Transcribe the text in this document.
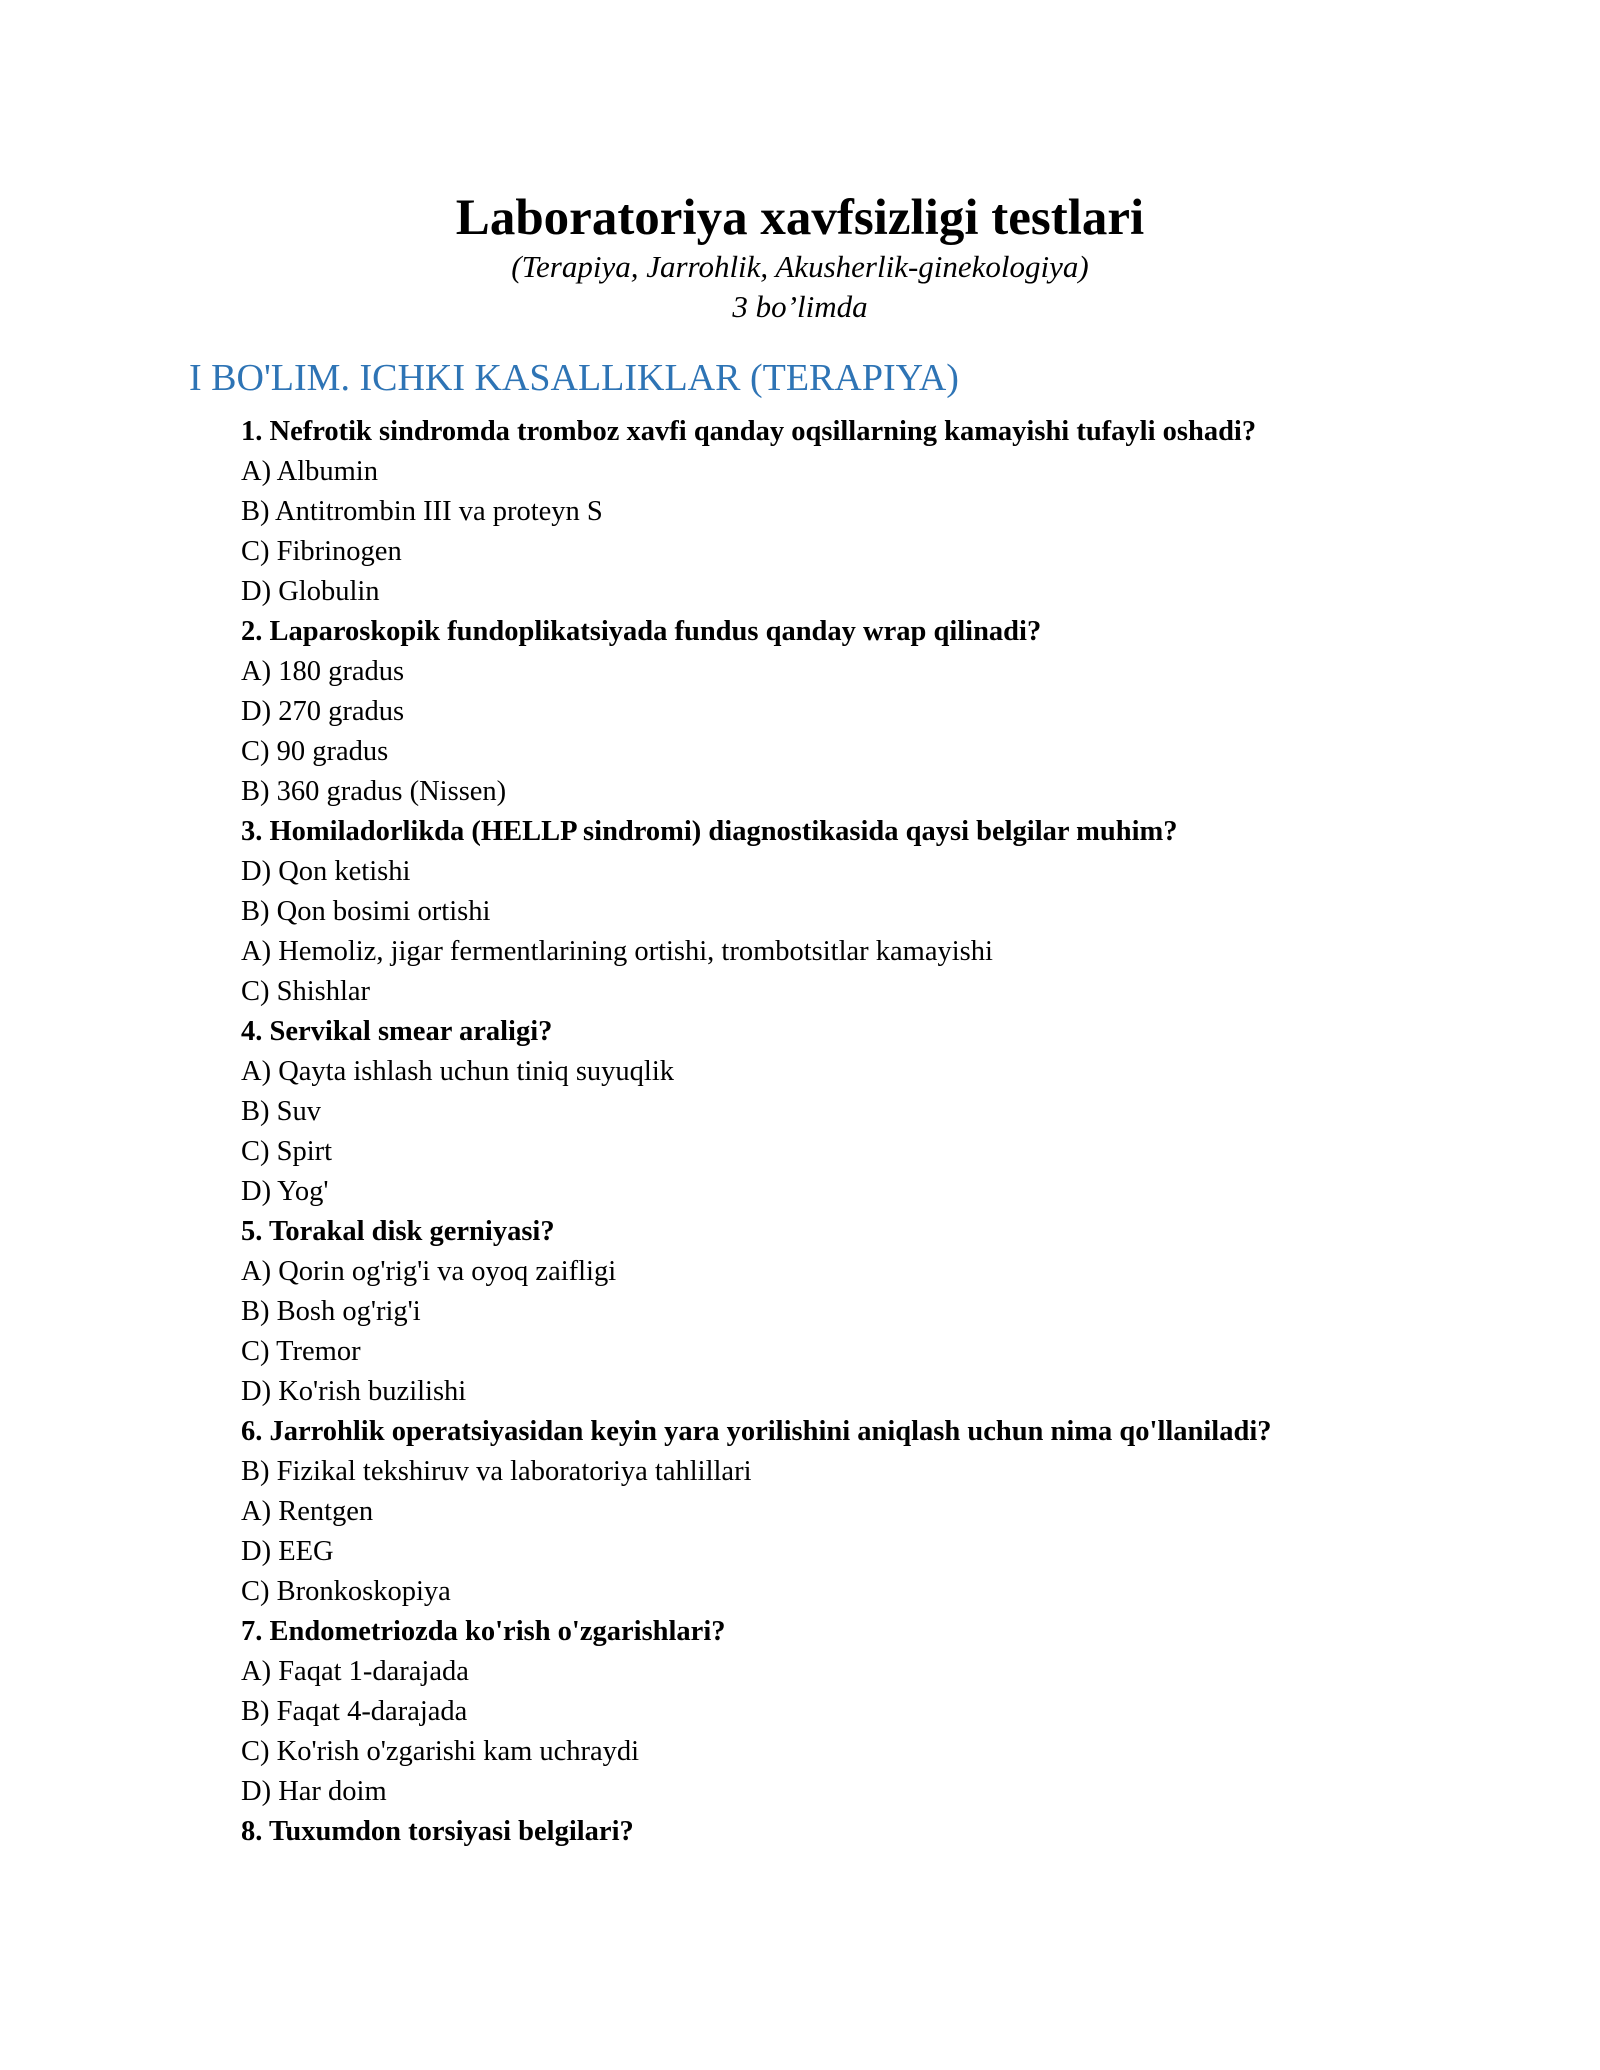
Laboratoriya xavfsizligi testlari

(Terapiya, Jarrohlik, Akusherlik-ginekologiya)

3 bo’limda

I BO'LIM. ICHKI KASALLIKLAR (TERAPIYA)
1. Nefrotik sindromda tromboz xavfi qanday oqsillarning kamayishi tufayli oshadi?
A) Albumin
B) Antitrombin III va proteyn S
C) Fibrinogen
D) Globulin
2. Laparoskopik fundoplikatsiyada fundus qanday wrap qilinadi?
A) 180 gradus
D) 270 gradus
C) 90 gradus
B) 360 gradus (Nissen)
3. Homiladorlikda (HELLP sindromi) diagnostikasida qaysi belgilar muhim?
D) Qon ketishi
B) Qon bosimi ortishi
A) Hemoliz, jigar fermentlarining ortishi, trombotsitlar kamayishi
C) Shishlar
4. Servikal smear araligi?
A) Qayta ishlash uchun tiniq suyuqlik
B) Suv
C) Spirt
D) Yog'
5. Torakal disk gerniyasi?
A) Qorin og'rig'i va oyoq zaifligi
B) Bosh og'rig'i
C) Tremor
D) Ko'rish buzilishi
6. Jarrohlik operatsiyasidan keyin yara yorilishini aniqlash uchun nima qo'llaniladi?
B) Fizikal tekshiruv va laboratoriya tahlillari
A) Rentgen
D) EEG
C) Bronkoskopiya
7. Endometriozda ko'rish o'zgarishlari?
A) Faqat 1-darajada
B) Faqat 4-darajada
C) Ko'rish o'zgarishi kam uchraydi
D) Har doim
8. Tuxumdon torsiyasi belgilari?
